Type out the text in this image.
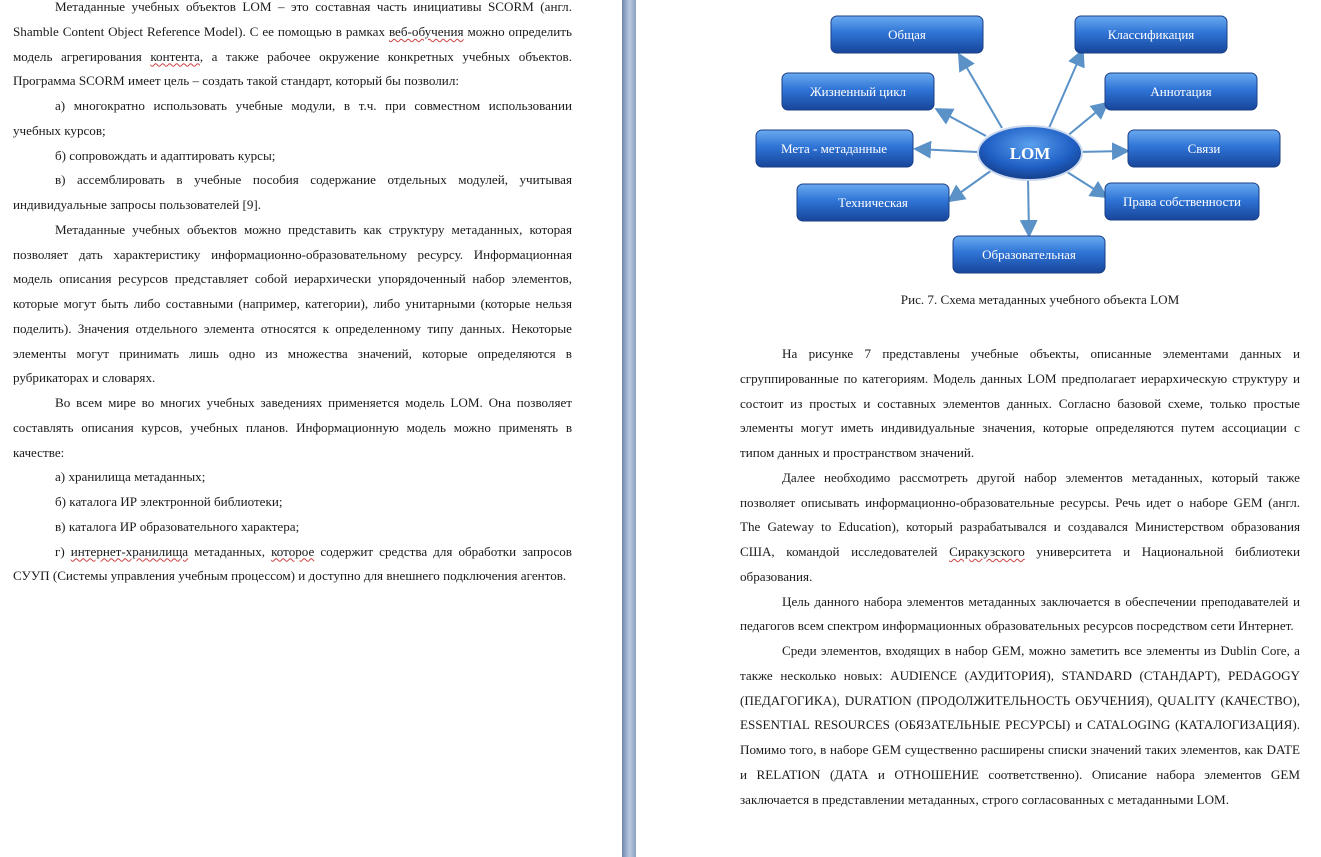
Метаданные учебных объектов LOM – это составная часть инициативы SCORM (англ. Shamble Content Object Reference Model). С ее помощью в рамках веб-обучения можно определить модель агрегирования контента, а также рабочее окружение конкретных учебных объектов. Программа SCORM имеет цель – создать такой стандарт, который бы позволил:

а) многократно использовать учебные модули, в т.ч. при совместном использовании учебных курсов;

б) сопровождать и адаптировать курсы;

в) ассемблировать в учебные пособия содержание отдельных модулей, учитывая индивидуальные запросы пользователей [9].

Метаданные учебных объектов можно представить как структуру метаданных, которая позволяет дать характеристику информационно-образовательному ресурсу. Информационная модель описания ресурсов представляет собой иерархически упорядоченный набор элементов, которые могут быть либо составными (например, категории), либо унитарными (которые нельзя поделить). Значения отдельного элемента относятся к определенному типу данных. Некоторые элементы могут принимать лишь одно из множества значений, которые определяются в рубрикаторах и словарях.

Во всем мире во многих учебных заведениях применяется модель LOM. Она позволяет составлять описания курсов, учебных планов. Информационную модель можно применять в качестве:

а) хранилища метаданных;

б) каталога ИР электронной библиотеки;

в) каталога ИР образовательного характера;

г) интернет-хранилища метаданных, которое содержит средства для обработки запросов СУУП (Системы управления учебным процессом) и доступно для внешнего подключения агентов.

Общая	Классификация
Жизненный цикл	Аннотация
Мета - метаданные	Связи
Техническая	Права собственности
Образовательная
LOM
Рис. 7. Схема метаданных учебного объекта LOM

На рисунке 7 представлены учебные объекты, описанные элементами данных и сгруппированные по категориям. Модель данных LOM предполагает иерархическую структуру и состоит из простых и составных элементов данных. Согласно базовой схеме, только простые элементы могут иметь индивидуальные значения, которые определяются путем ассоциации с типом данных и пространством значений.

Далее необходимо рассмотреть другой набор элементов метаданных, который также позволяет описывать информационно-образовательные ресурсы. Речь идет о наборе GEM (англ. The Gateway to Education), который разрабатывался и создавался Министерством образования США, командой исследователей Сиракузского университета и Национальной библиотеки образования.

Цель данного набора элементов метаданных заключается в обеспечении преподавателей и педагогов всем спектром информационных образовательных ресурсов посредством сети Интернет.

Среди элементов, входящих в набор GEM, можно заметить все элементы из Dublin Core, а также несколько новых: AUDIENCE (АУДИТОРИЯ), STANDARD (СТАНДАРТ), PEDAGOGY (ПЕДАГОГИКА), DURATION (ПРОДОЛЖИТЕЛЬНОСТЬ ОБУЧЕНИЯ), QUALITY (КАЧЕСТВО), ESSENTIAL RESOURCES (ОБЯЗАТЕЛЬНЫЕ РЕСУРСЫ) и CATALOGING (КАТАЛОГИЗАЦИЯ). Помимо того, в наборе GEM существенно расширены списки значений таких элементов, как DATE и RELATION (ДАТА и ОТНОШЕНИЕ соответственно). Описание набора элементов GEM заключается в представлении метаданных, строго согласованных с метаданными LOM.
